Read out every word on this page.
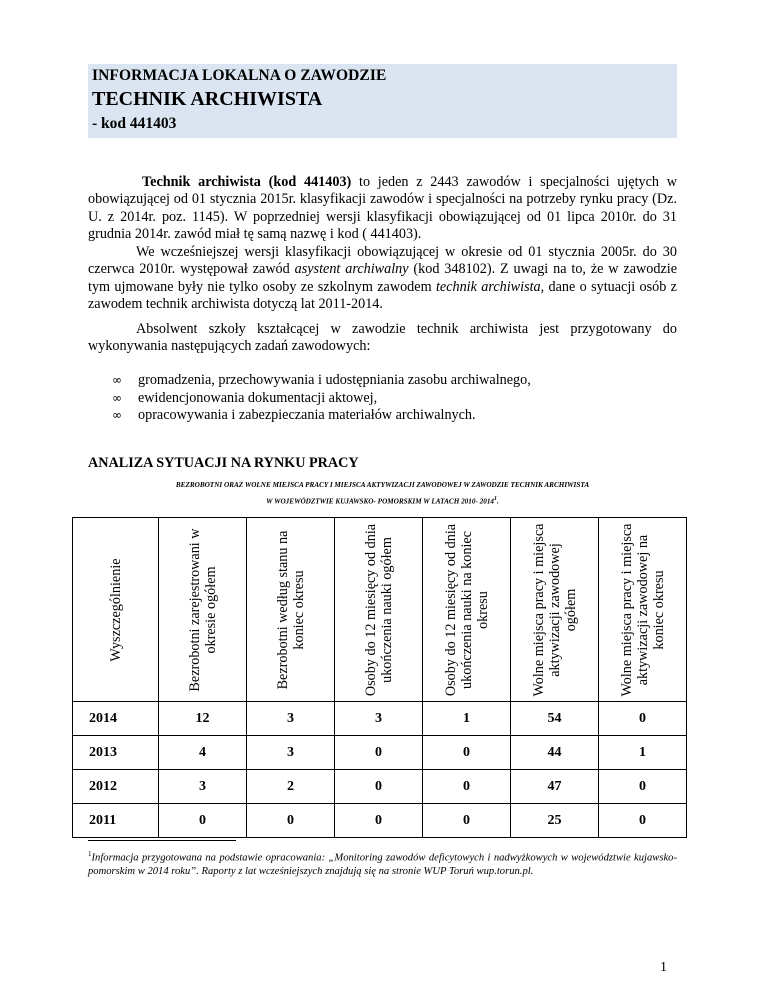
INFORMACJA LOKALNA O ZAWODZIE
TECHNIK ARCHIWISTA
- kod 441403
Technik archiwista (kod 441403) to jeden z 2443 zawodów i specjalności ujętych w obowiązującej od 01 stycznia 2015r. klasyfikacji zawodów i specjalności na potrzeby rynku pracy (Dz. U. z 2014r. poz. 1145). W poprzedniej wersji klasyfikacji obowiązującej od 01 lipca 2010r. do 31 grudnia 2014r. zawód miał tę samą nazwę i kod ( 441403).
We wcześniejszej wersji klasyfikacji obowiązującej w okresie od 01 stycznia 2005r. do 30 czerwca 2010r. występował zawód asystent archiwalny (kod 348102). Z uwagi na to, że w zawodzie tym ujmowane były nie tylko osoby ze szkolnym zawodem technik archiwista, dane o sytuacji osób z zawodem technik archiwista dotyczą lat 2011-2014.
Absolwent szkoły kształcącej w zawodzie technik archiwista jest przygotowany do wykonywania następujących zadań zawodowych:
∞	gromadzenia, przechowywania i udostępniania zasobu archiwalnego,
∞	ewidencjonowania dokumentacji aktowej,
∞	opracowywania i zabezpieczania materiałów archiwalnych.
ANALIZA SYTUACJI NA RYNKU PRACY
BEZROBOTNI ORAZ WOLNE MIEJSCA PRACY I MIEJSCA AKTYWIZACJI ZAWODOWEJ W ZAWODZIE TECHNIK ARCHIWISTA
W WOJEWÓDZTWIE KUJAWSKO- POMORSKIM W LATACH 2010- 2014$^1$.
Wyszczególnienie	Bezrobotni zarejestrowani w okresie ogółem	Bezrobotni według stanu na koniec okresu	Osoby do 12 miesięcy od dnia ukończenia nauki ogółem	Osoby do 12 miesięcy od dnia ukończenia nauki na koniec okresu	Wolne miejsca pracy i miejsca aktywizacji zawodowej ogółem	Wolne miejsca pracy i miejsca aktywizacji zawodowej na koniec okresu

2014	12	3	3	1	54	0
2013	4	3	0	0	44	1
2012	3	2	0	0	47	0
2011	0	0	0	0	25	0
$^1$Informacja przygotowana na podstawie opracowania: „Monitoring zawodów deficytowych i nadwyżkowych w województwie kujawsko-pomorskim w 2014 roku”. Raporty z lat wcześniejszych znajdują się na stronie WUP Toruń wup.torun.pl.
1
